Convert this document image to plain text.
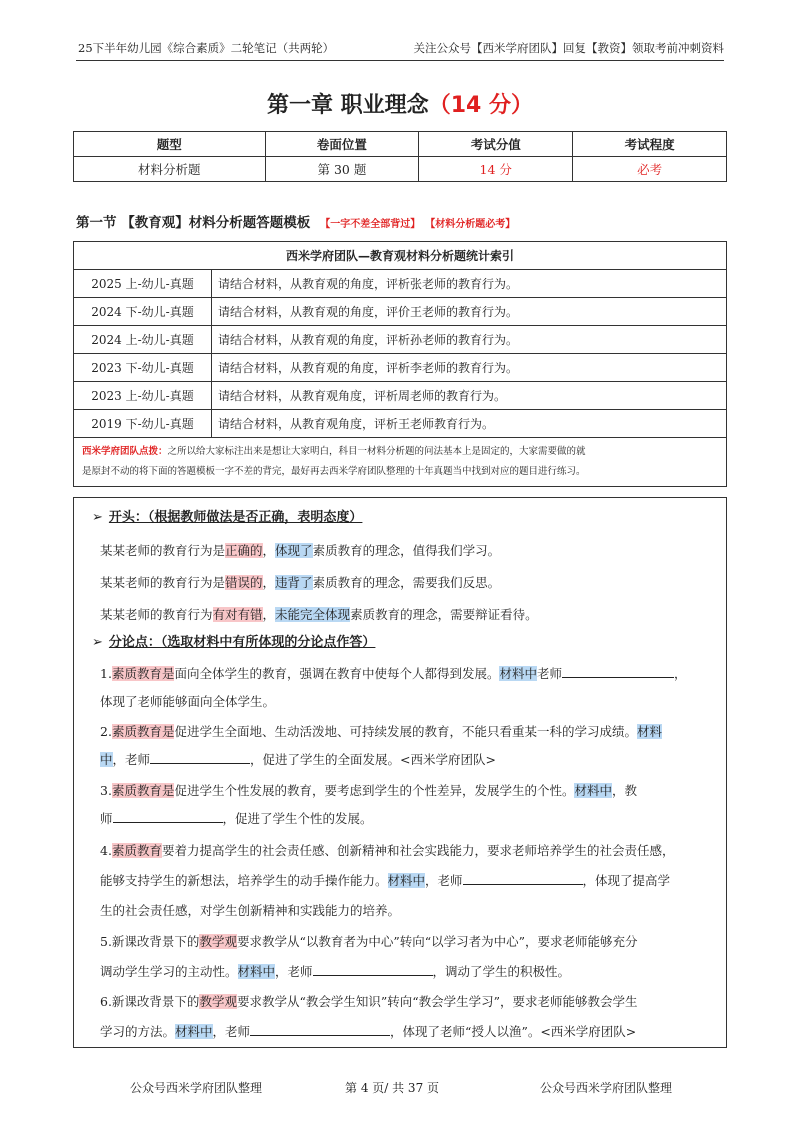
25下半年幼儿园《综合素质》二轮笔记（共两轮）	关注公众号【西米学府团队】回复【教资】领取考前冲刺资料
第一章 职业理念（14 分）
题型	卷面位置	考试分值	考试程度
材料分析题	第 30 题	14 分	必考
第一节 【教育观】材料分析题答题模板 【一字不差全部背过】 【材料分析题必考】
西米学府团队—教育观材料分析题统计索引	
2025 上-幼儿-真题	请结合材料，从教育观的角度，评析张老师的教育行为。
2024 下-幼儿-真题	请结合材料，从教育观的角度，评价王老师的教育行为。
2024 上-幼儿-真题	请结合材料，从教育观的角度，评析孙老师的教育行为。
2023 下-幼儿-真题	请结合材料，从教育观的角度，评析李老师的教育行为。
2023 上-幼儿-真题	请结合材料，从教育观角度，评析周老师的教育行为。
2019 下-幼儿-真题	请结合材料，从教育观角度，评析王老师教育行为。
西米学府团队点拨：之所以给大家标注出来是想让大家明白，科目一材料分析题的问法基本上是固定的，大家需要做的就
是原封不动的将下面的答题模板一字不差的背完，最好再去西米学府团队整理的十年真题当中找到对应的题目进行练习。	
➢ 开头：（根据教师做法是否正确，表明态度）
某某老师的教育行为是正确的，体现了素质教育的理念，值得我们学习。
某某老师的教育行为是错误的，违背了素质教育的理念，需要我们反思。
某某老师的教育行为有对有错，未能完全体现素质教育的理念，需要辩证看待。
➢ 分论点：（选取材料中有所体现的分论点作答）
1.素质教育是面向全体学生的教育，强调在教育中使每个人都得到发展。材料中老师	，
体现了老师能够面向全体学生。
2.素质教育是促进学生全面地、生动活泼地、可持续发展的教育，不能只看重某一科的学习成绩。材料
中，老师	，促进了学生的全面发展。<西米学府团队>
3.素质教育是促进学生个性发展的教育，要考虑到学生的个性差异，发展学生的个性。材料中，教
师	，促进了学生个性的发展。
4.素质教育要着力提高学生的社会责任感、创新精神和社会实践能力，要求老师培养学生的社会责任感，
能够支持学生的新想法，培养学生的动手操作能力。材料中，老师	，体现了提高学
生的社会责任感，对学生创新精神和实践能力的培养。
5.新课改背景下的教学观要求教学从“以教育者为中心”转向“以学习者为中心”，要求老师能够充分
调动学生学习的主动性。材料中，老师	，调动了学生的积极性。
6.新课改背景下的教学观要求教学从“教会学生知识”转向“教会学生学习”，要求老师能够教会学生
学习的方法。材料中，老师	，体现了老师“授人以渔”。<西米学府团队>
公众号西米学府团队整理	第 4 页/ 共 37 页	公众号西米学府团队整理
